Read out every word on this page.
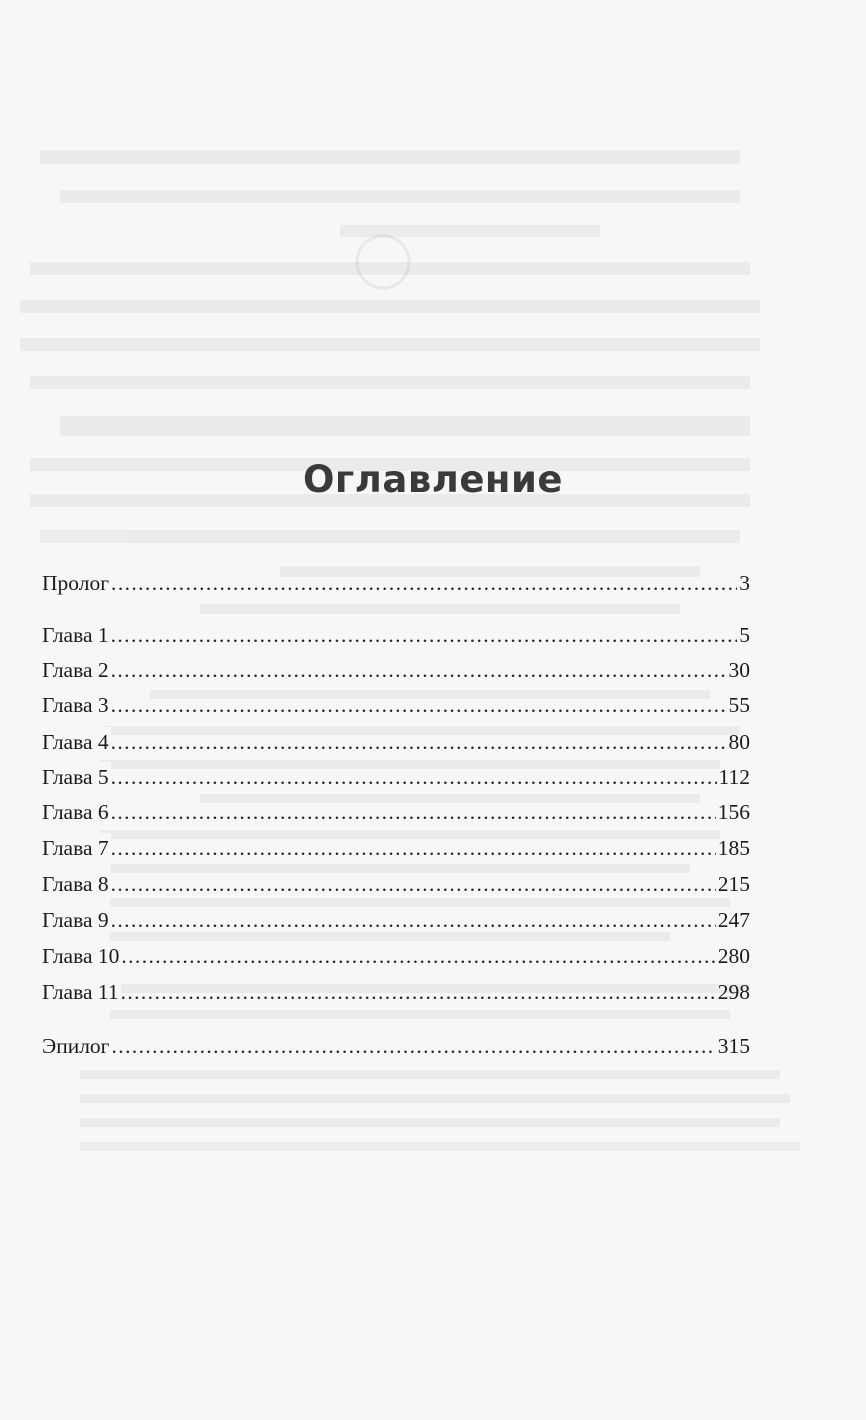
Оглавление
Пролог .....	3
Глава 1 .....	5
Глава 2 .....	30
Глава 3 .....	55
Глава 4 .....	80
Глава 5 .....	112
Глава 6 .....	156
Глава 7 .....	185
Глава 8 .....	215
Глава 9 .....	247
Глава 10 .....	280
Глава 11 .....	298
Эпилог .....	315
